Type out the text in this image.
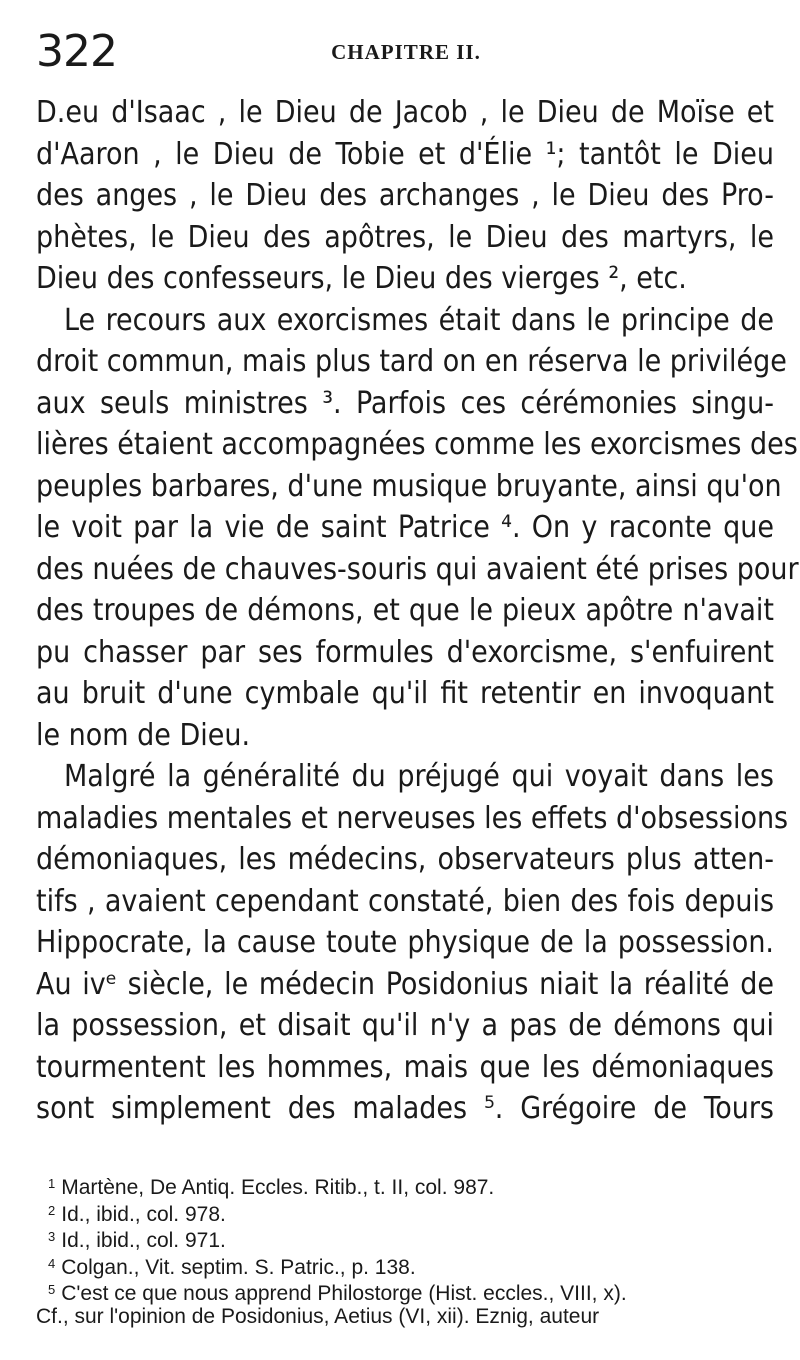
322	CHAPITRE II.
D.eu d'Isaac , le Dieu de Jacob , le Dieu de Moïse et
d'Aaron , le Dieu de Tobie et d'Élie ¹; tantôt le Dieu
des anges , le Dieu des archanges , le Dieu des Pro-
phètes, le Dieu des apôtres, le Dieu des martyrs, le
Dieu des confesseurs, le Dieu des vierges ², etc.
Le recours aux exorcismes était dans le principe de
droit commun, mais plus tard on en réserva le privilége
aux seuls ministres ³. Parfois ces cérémonies singu-
lières étaient accompagnées comme les exorcismes des
peuples barbares, d'une musique bruyante, ainsi qu'on
le voit par la vie de saint Patrice ⁴. On y raconte que
des nuées de chauves-souris qui avaient été prises pour
des troupes de démons, et que le pieux apôtre n'avait
pu chasser par ses formules d'exorcisme, s'enfuirent
au bruit d'une cymbale qu'il fit retentir en invoquant
le nom de Dieu.
Malgré la généralité du préjugé qui voyait dans les
maladies mentales et nerveuses les effets d'obsessions
démoniaques, les médecins, observateurs plus atten-
tifs , avaient cependant constaté, bien des fois depuis
Hippocrate, la cause toute physique de la possession.
Au ivᵉ siècle, le médecin Posidonius niait la réalité de
la possession, et disait qu'il n'y a pas de démons qui
tourmentent les hommes, mais que les démoniaques
sont simplement des malades ⁵. Grégoire de Tours
$^1$ Martène, De Antiq. Eccles. Ritib., t. II, col. 987.
$^2$ Id., ibid., col. 978.
$^3$ Id., ibid., col. 971.
$^4$ Colgan., Vit. septim. S. Patric., p. 138.
$^5$ C'est ce que nous apprend Philostorge (Hist. eccles., VIII, x).
Cf., sur l'opinion de Posidonius, Aetius (VI, xii). Eznig, auteur
